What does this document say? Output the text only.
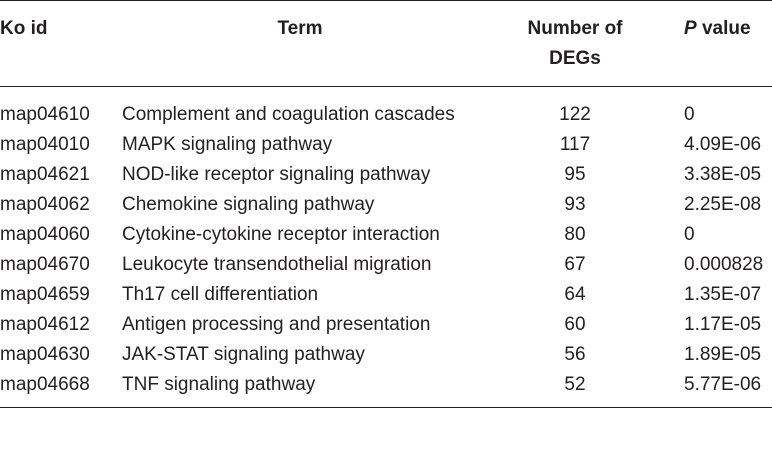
Ko id	Term	Number of DEGs	P value
map04610	Complement and coagulation cascades	122	0
map04010	MAPK signaling pathway	117	4.09E-06
map04621	NOD-like receptor signaling pathway	95	3.38E-05
map04062	Chemokine signaling pathway	93	2.25E-08
map04060	Cytokine-cytokine receptor interaction	80	0
map04670	Leukocyte transendothelial migration	67	0.000828
map04659	Th17 cell differentiation	64	1.35E-07
map04612	Antigen processing and presentation	60	1.17E-05
map04630	JAK-STAT signaling pathway	56	1.89E-05
map04668	TNF signaling pathway	52	5.77E-06
